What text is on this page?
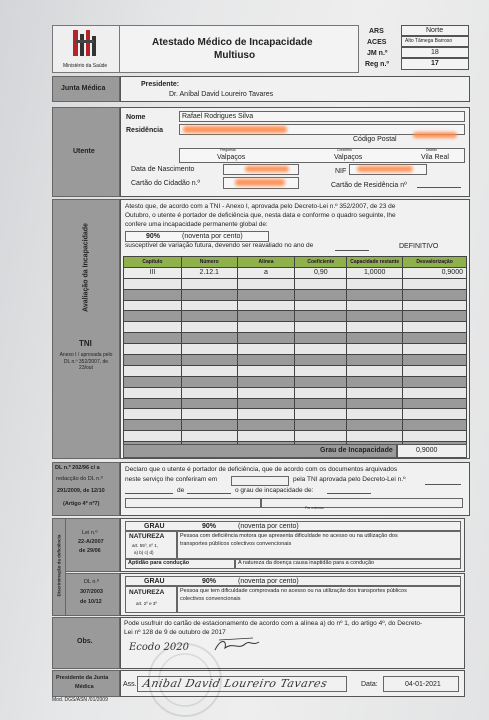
Ministério da Saúde
Atestado Médico de Incapacidade
Multiuso
ARS	Norte
ACES	Alto Tâmega Barroso
JM n.º	18
Reg n.º	17
Junta Médica
Presidente:
Dr. Aníbal David Loureiro Tavares
Utente
Nome	Rafael Rodrigues Silva
Residência
Código Postal
Freguesia
Valpaços
Concelho
Valpaços
Distrito
Vila Real
Data de Nascimento	NIF
Cartão do Cidadão n.º	Cartão de Residência nº
Avaliação da Incapacidade
TNI
Anexo I / aprovada pelo DL n.º 352/2007, de 23/out
Atesto que, de acordo com a TNI - Anexo I, aprovada pelo Decreto-Lei n.º 352/2007, de 23 de
Outubro, o utente é portador de deficiência que, nesta data e conforme o quadro seguinte, lhe
confere uma incapacidade permanente global de:
90%	(noventa por cento)
susceptível de variação futura, devendo ser reavaliado no ano de	DEFINITIVO
Capítulo	Número	Alínea	Coeficiente	Capacidade restante	Desvalorização
III	2.12.1	a	0,90	1,0000	0,9000

Grau de Incapacidade	0,9000
DL n.º 202/96 c/ a
redacção do DL n.º
291/2009, de 12/10
(Artigo 4º nº7)
Declaro que o utente é portador de deficiência, que de acordo com os documentos arquivados
neste serviço lhe conferiram em	pela TNI aprovada pelo Decreto-Lei n.º
de	o grau de incapacidade de:
Por extenso
Discriminação da deficiência
Lei n.º
22-A/2007
de 29/06
GRAU	90%	(noventa por cento)
NATUREZA
art. 55º, nº 1,
a) b) c) d)
Pessoa com deficiência motora que apresenta dificuldade no acesso ou na utilização dos
transportes públicos colectivos convencionais
Aptidão para condução	A natureza da doença causa inaptidão para a condução
DL n.º
307/2003
de 10/12
GRAU	90%	(noventa por cento)
NATUREZA
art. 2º e 3º
Pessoa que tem dificuldade comprovada no acesso ou na utilização dos transportes públicos
colectivos convencionais
Obs.
Pode usufruir do cartão de estacionamento de acordo com a alínea a) do nº 1, do artigo 4º, do Decreto-
Lei nº 128 de 9 de outubro de 2017
Ecodo 2020
Presidente da Junta
Médica	Ass. Anibal David Loureiro Tavares	Data:	04-01-2021
Mod. DGS/ASN /01/2009
